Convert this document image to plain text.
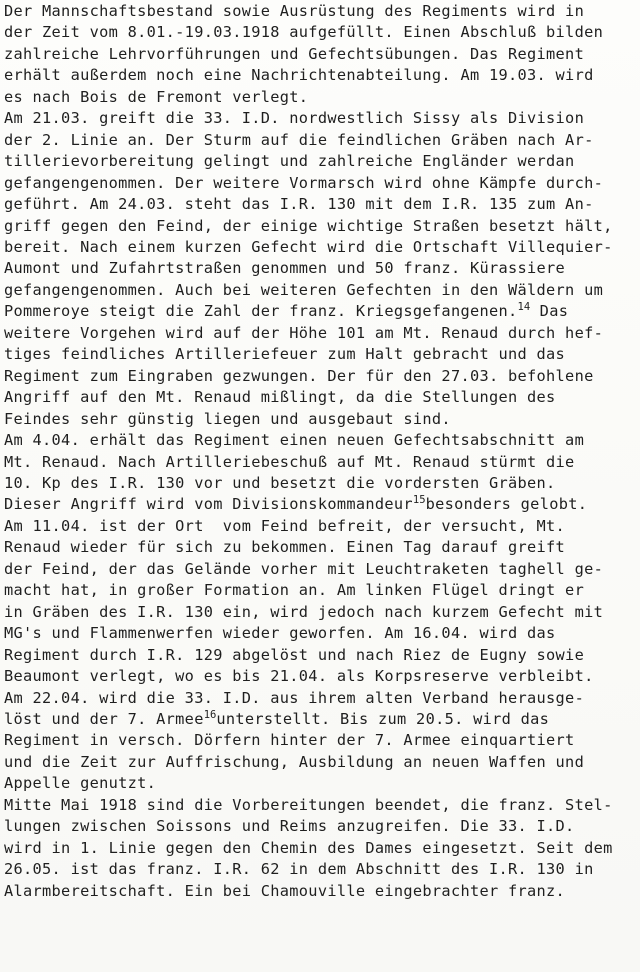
Der Mannschaftsbestand sowie Ausrüstung des Regiments wird in
der Zeit vom 8.01.-19.03.1918 aufgefüllt. Einen Abschluß bilden
zahlreiche Lehrvorführungen und Gefechtsübungen. Das Regiment
erhält außerdem noch eine Nachrichtenabteilung. Am 19.03. wird
es nach Bois de Fremont verlegt.
Am 21.03. greift die 33. I.D. nordwestlich Sissy als Division
der 2. Linie an. Der Sturm auf die feindlichen Gräben nach Ar-
tillerievorbereitung gelingt und zahlreiche Engländer werdan
gefangengenommen. Der weitere Vormarsch wird ohne Kämpfe durch-
geführt. Am 24.03. steht das I.R. 130 mit dem I.R. 135 zum An-
griff gegen den Feind, der einige wichtige Straßen besetzt hält,
bereit. Nach einem kurzen Gefecht wird die Ortschaft Villequier-
Aumont und Zufahrtstraßen genommen und 50 franz. Kürassiere
gefangengenommen. Auch bei weiteren Gefechten in den Wäldern um
Pommeroye steigt die Zahl der franz. Kriegsgefangenen.$^{14}$ Das
weitere Vorgehen wird auf der Höhe 101 am Mt. Renaud durch hef-
tiges feindliches Artilleriefeuer zum Halt gebracht und das
Regiment zum Eingraben gezwungen. Der für den 27.03. befohlene
Angriff auf den Mt. Renaud mißlingt, da die Stellungen des
Feindes sehr günstig liegen und ausgebaut sind.
Am 4.04. erhält das Regiment einen neuen Gefechtsabschnitt am
Mt. Renaud. Nach Artilleriebeschuß auf Mt. Renaud stürmt die
10. Kp des I.R. 130 vor und besetzt die vordersten Gräben.
Dieser Angriff wird vom Divisionskommandeur$^{15}$besonders gelobt.
Am 11.04. ist der Ort  vom Feind befreit, der versucht, Mt.
Renaud wieder für sich zu bekommen. Einen Tag darauf greift
der Feind, der das Gelände vorher mit Leuchtraketen taghell ge-
macht hat, in großer Formation an. Am linken Flügel dringt er
in Gräben des I.R. 130 ein, wird jedoch nach kurzem Gefecht mit
MG's und Flammenwerfen wieder geworfen. Am 16.04. wird das
Regiment durch I.R. 129 abgelöst und nach Riez de Eugny sowie
Beaumont verlegt, wo es bis 21.04. als Korpsreserve verbleibt.
Am 22.04. wird die 33. I.D. aus ihrem alten Verband herausge-
löst und der 7. Armee$^{16}$unterstellt. Bis zum 20.5. wird das
Regiment in versch. Dörfern hinter der 7. Armee einquartiert
und die Zeit zur Auffrischung, Ausbildung an neuen Waffen und
Appelle genutzt.
Mitte Mai 1918 sind die Vorbereitungen beendet, die franz. Stel-
lungen zwischen Soissons und Reims anzugreifen. Die 33. I.D.
wird in 1. Linie gegen den Chemin des Dames eingesetzt. Seit dem
26.05. ist das franz. I.R. 62 in dem Abschnitt des I.R. 130 in
Alarmbereitschaft. Ein bei Chamouville eingebrachter franz.
